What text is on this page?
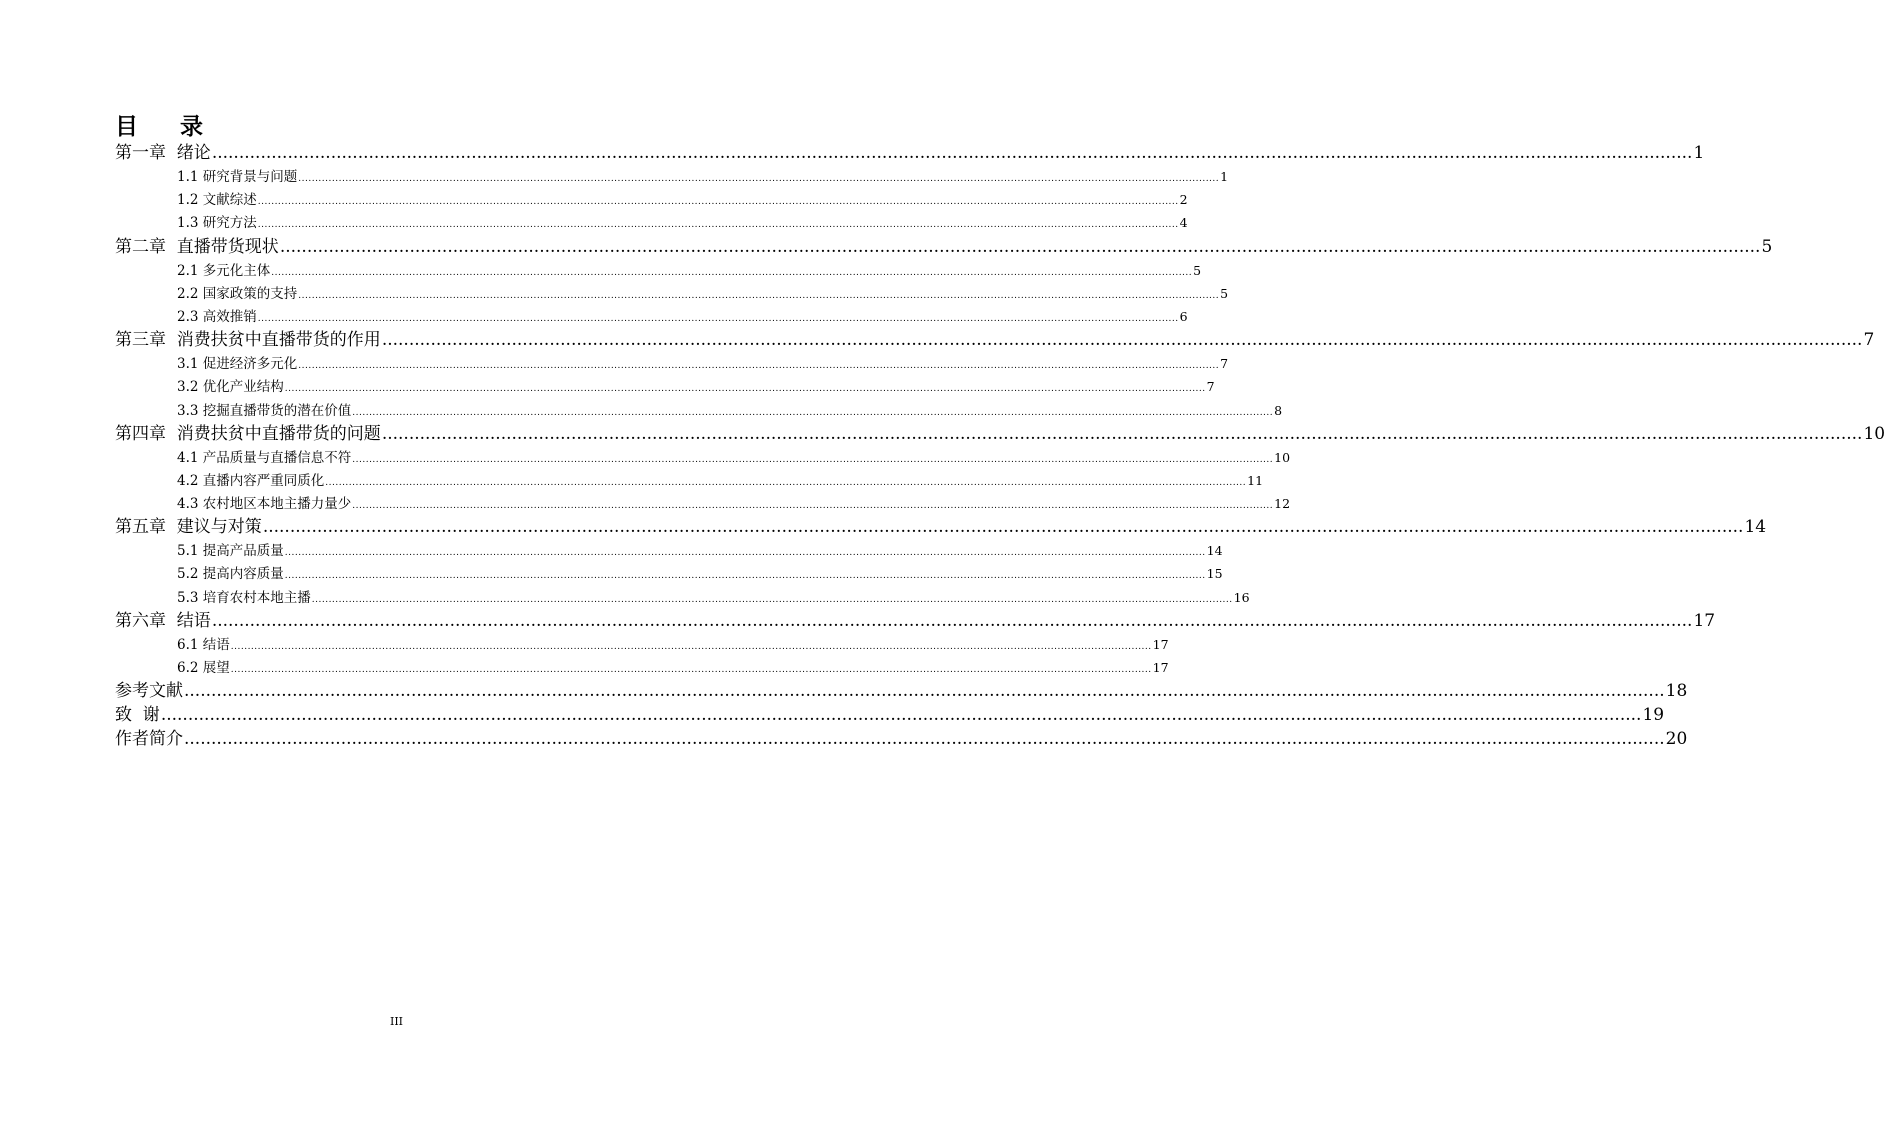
目    录
第一章  绪论 .................................................................................................................................................................................................................................................................................. 1
1.1 研究背景与问题 .................................................................................................................................................................................................................................................................................. 1
1.2 文献综述 .................................................................................................................................................................................................................................................................................. 2
1.3 研究方法 .................................................................................................................................................................................................................................................................................. 4
第二章  直播带货现状 .................................................................................................................................................................................................................................................................................. 5
2.1 多元化主体 .................................................................................................................................................................................................................................................................................. 5
2.2 国家政策的支持 .................................................................................................................................................................................................................................................................................. 5
2.3 高效推销 .................................................................................................................................................................................................................................................................................. 6
第三章  消费扶贫中直播带货的作用 .................................................................................................................................................................................................................................................................................. 7
3.1 促进经济多元化 .................................................................................................................................................................................................................................................................................. 7
3.2 优化产业结构 .................................................................................................................................................................................................................................................................................. 7
3.3 挖掘直播带货的潜在价值 .................................................................................................................................................................................................................................................................................. 8
第四章  消费扶贫中直播带货的问题 .................................................................................................................................................................................................................................................................................. 10
4.1 产品质量与直播信息不符 .................................................................................................................................................................................................................................................................................. 10
4.2 直播内容严重同质化 .................................................................................................................................................................................................................................................................................. 11
4.3 农村地区本地主播力量少 .................................................................................................................................................................................................................................................................................. 12
第五章  建议与对策 .................................................................................................................................................................................................................................................................................. 14
5.1 提高产品质量 .................................................................................................................................................................................................................................................................................. 14
5.2 提高内容质量 .................................................................................................................................................................................................................................................................................. 15
5.3 培育农村本地主播 .................................................................................................................................................................................................................................................................................. 16
第六章  结语 .................................................................................................................................................................................................................................................................................. 17
6.1 结语 .................................................................................................................................................................................................................................................................................. 17
6.2 展望 .................................................................................................................................................................................................................................................................................. 17
参考文献 .................................................................................................................................................................................................................................................................................. 18
致  谢 .................................................................................................................................................................................................................................................................................. 19
作者简介 .................................................................................................................................................................................................................................................................................. 20
III
